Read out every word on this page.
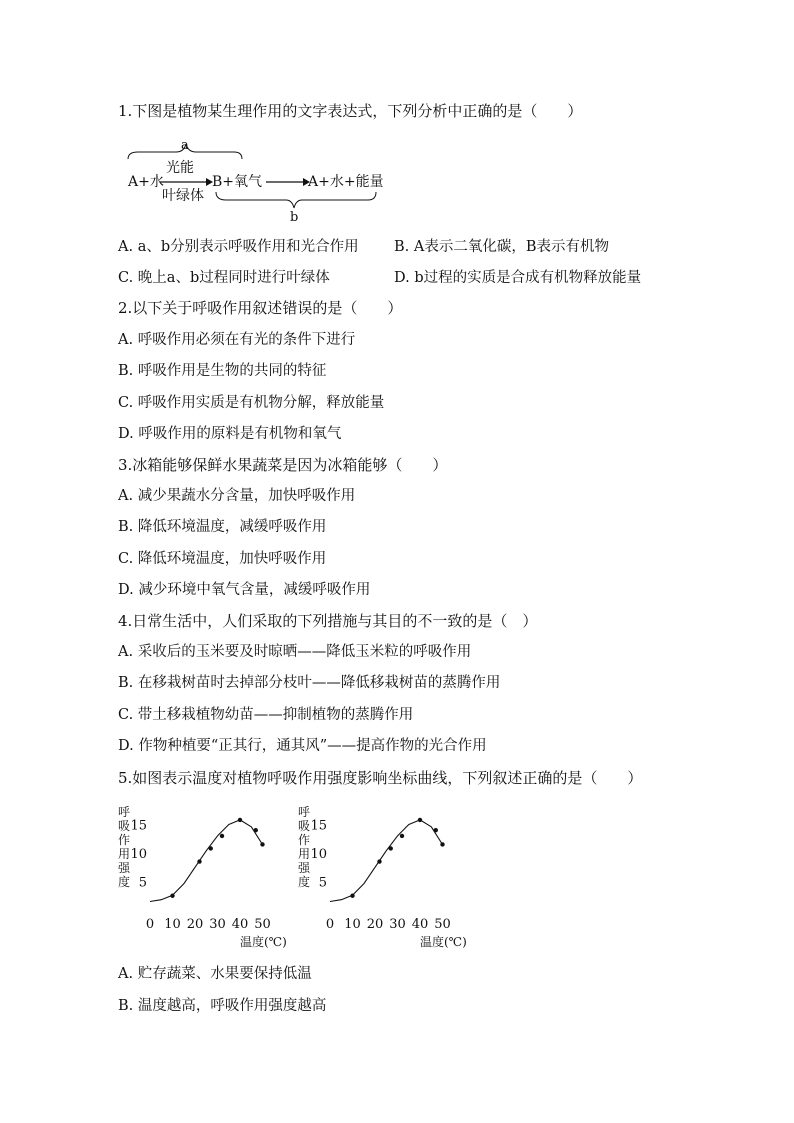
1.下图是植物某生理作用的文字表达式，下列分析中正确的是（　　）
a
A+水
光能
叶绿体
B+氧气	A+水+能量
b
A. a、b分别表示呼吸作用和光合作用 B. A表示二氧化碳，B表示有机物
C. 晚上a、b过程同时进行叶绿体	D. b过程的实质是合成有机物释放能量
2.以下关于呼吸作用叙述错误的是（　　）
A. 呼吸作用必须在有光的条件下进行
B. 呼吸作用是生物的共同的特征
C. 呼吸作用实质是有机物分解，释放能量
D. 呼吸作用的原料是有机物和氧气
3.冰箱能够保鲜水果蔬菜是因为冰箱能够（　　）
A. 减少果蔬水分含量，加快呼吸作用
B. 降低环境温度，减缓呼吸作用
C. 降低环境温度，加快呼吸作用
D. 减少环境中氧气含量，减缓呼吸作用
4.日常生活中，人们采取的下列措施与其目的不一致的是（　）
A. 采收后的玉米要及时晾晒——降低玉米粒的呼吸作用
B. 在移栽树苗时去掉部分枝叶——降低移栽树苗的蒸腾作用
C. 带土移栽植物幼苗——抑制植物的蒸腾作用
D. 作物种植要“正其行，通其风”——提高作物的光合作用
5.如图表示温度对植物呼吸作用强度影响坐标曲线，下列叙述正确的是（　　）
呼
吸
作
用
强
度 5
10
15
0 10 20 30 40 50
温度(℃)
呼
吸
作
用
强
度 5
10
15
0 10 20 30 40 50
温度(℃)
A. 贮存蔬菜、水果要保持低温
B. 温度越高，呼吸作用强度越高
